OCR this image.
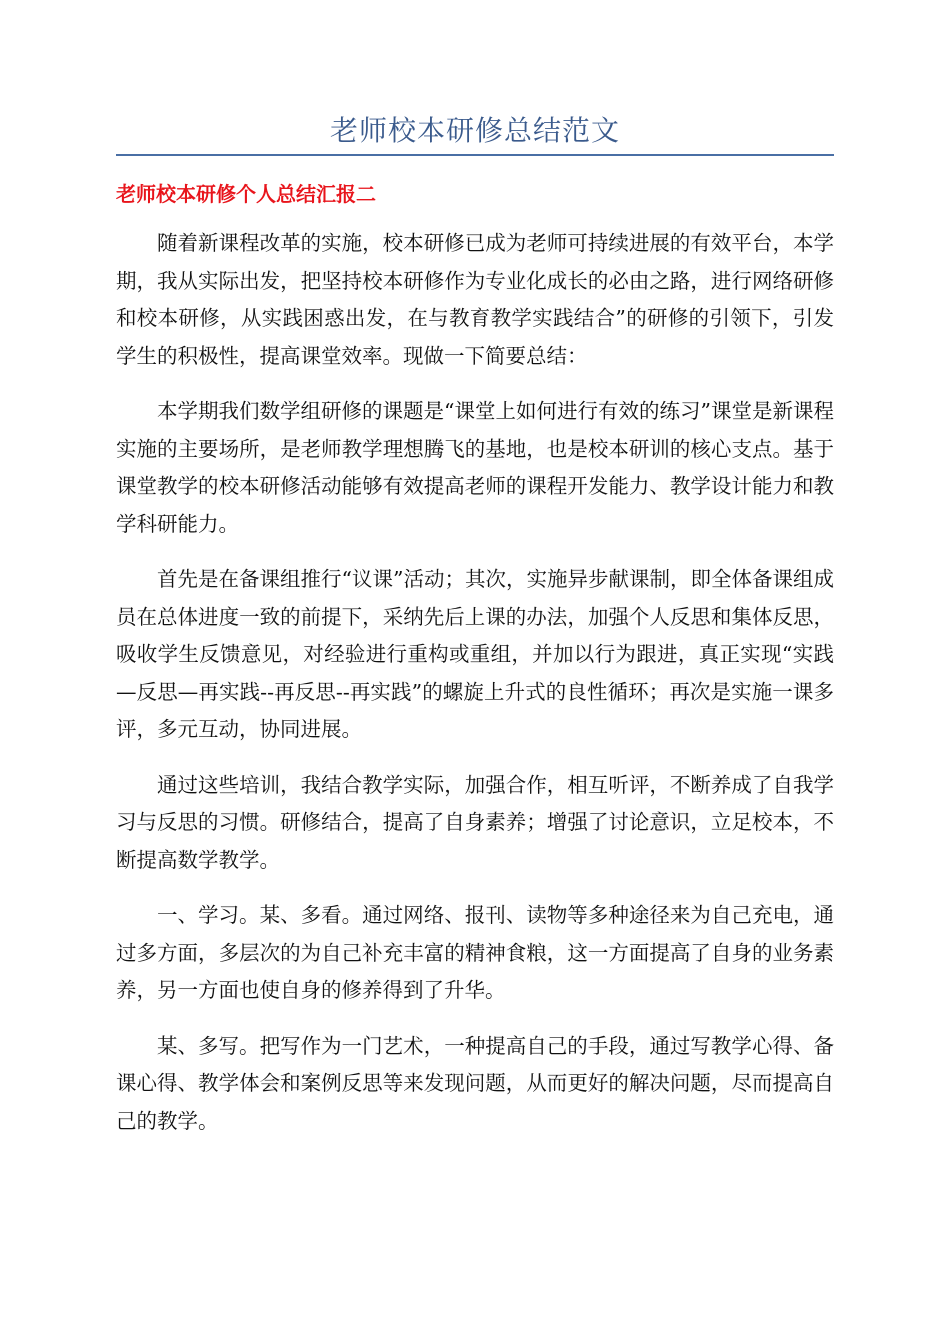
老师校本研修总结范文
老师校本研修个人总结汇报二

随着新课程改革的实施，校本研修已成为老师可持续进展的有效平台，本学期，我从实际出发，把坚持校本研修作为专业化成长的必由之路，进行网络研修和校本研修，从实践困惑出发，在与教育教学实践结合”的研修的引领下，引发学生的积极性，提高课堂效率。现做一下简要总结：

本学期我们数学组研修的课题是“课堂上如何进行有效的练习”课堂是新课程实施的主要场所，是老师教学理想腾飞的基地，也是校本研训的核心支点。基于课堂教学的校本研修活动能够有效提高老师的课程开发能力、教学设计能力和教学科研能力。

首先是在备课组推行“议课”活动；其次，实施异步献课制，即全体备课组成员在总体进度一致的前提下，采纳先后上课的办法，加强个人反思和集体反思，吸收学生反馈意见，对经验进行重构或重组，并加以行为跟进，真正实现“实践—反思—再实践--再反思--再实践”的螺旋上升式的良性循环；再次是实施一课多评，多元互动，协同进展。

通过这些培训，我结合教学实际，加强合作，相互听评，不断养成了自我学习与反思的习惯。研修结合，提高了自身素养；增强了讨论意识，立足校本，不断提高数学教学。

一、学习。某、多看。通过网络、报刊、读物等多种途径来为自己充电，通过多方面，多层次的为自己补充丰富的精神食粮，这一方面提高了自身的业务素养，另一方面也使自身的修养得到了升华。

某、多写。把写作为一门艺术，一种提高自己的手段，通过写教学心得、备课心得、教学体会和案例反思等来发现问题，从而更好的解决问题，尽而提高自己的教学。
